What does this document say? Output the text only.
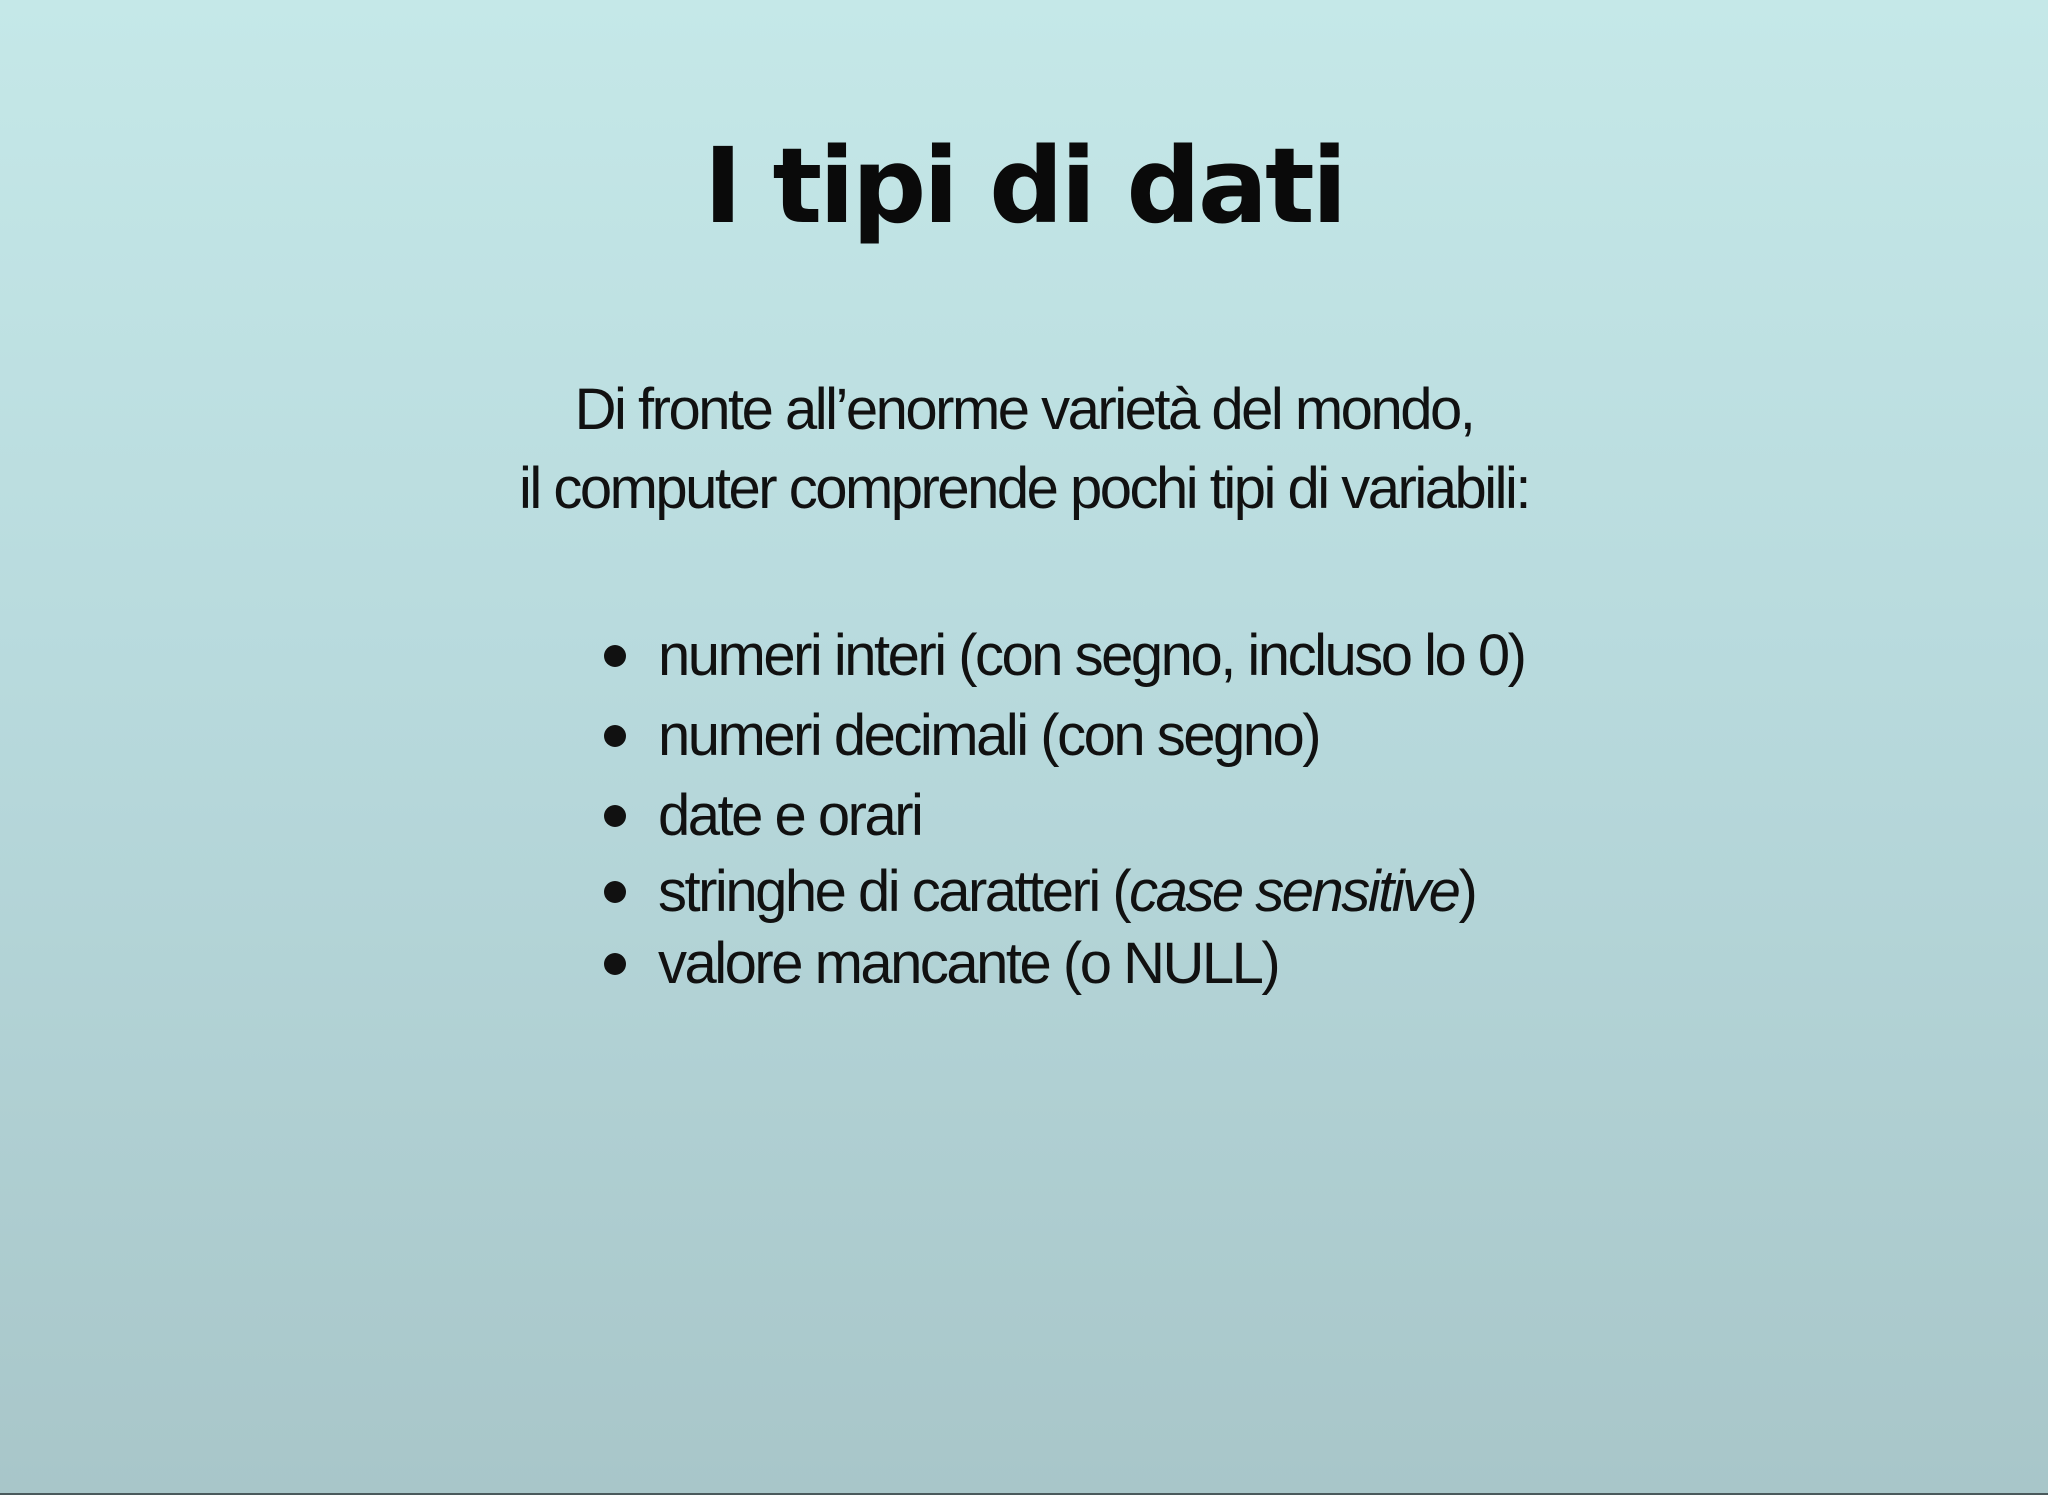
I tipi di dati
Di fronte all’enorme varietà del mondo,
il computer comprende pochi tipi di variabili:
numeri interi (con segno, incluso lo 0)
numeri decimali (con segno)
date e orari
stringhe di caratteri (case sensitive)
valore mancante (o NULL)
